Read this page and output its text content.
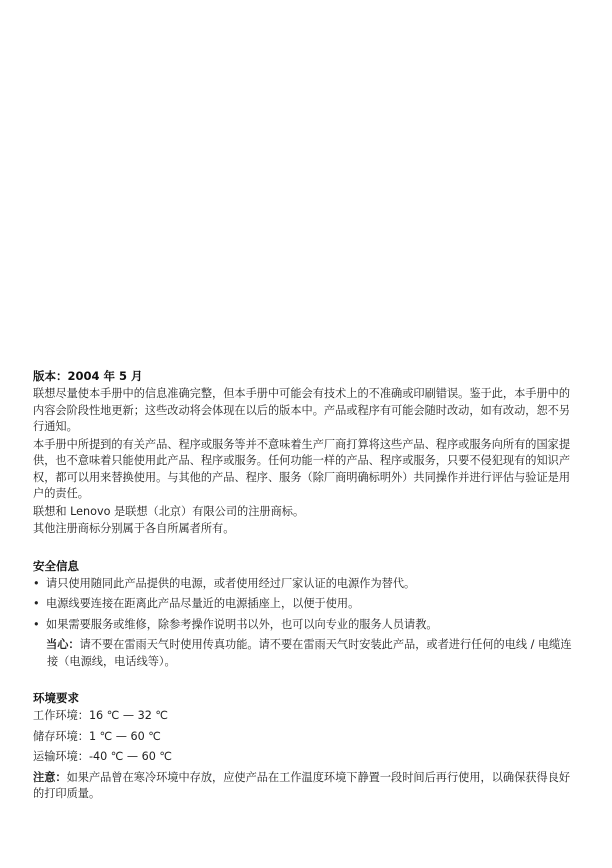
版本：2004 年 5 月

联想尽量使本手册中的信息准确完整，但本手册中可能会有技术上的不准确或印刷错误。鉴于此，本手册中的内容会阶段性地更新；这些改动将会体现在以后的版本中。产品或程序有可能会随时改动，如有改动，恕不另行通知。

本手册中所提到的有关产品、程序或服务等并不意味着生产厂商打算将这些产品、程序或服务向所有的国家提供，也不意味着只能使用此产品、程序或服务。任何功能一样的产品、程序或服务，只要不侵犯现有的知识产权，都可以用来替换使用。与其他的产品、程序、服务（除厂商明确标明外）共同操作并进行评估与验证是用户的责任。

联想和 Lenovo 是联想（北京）有限公司的注册商标。

其他注册商标分别属于各自所属者所有。

安全信息
• 请只使用随同此产品提供的电源，或者使用经过厂家认证的电源作为替代。
• 电源线要连接在距离此产品尽量近的电源插座上，以便于使用。
• 如果需要服务或维修，除参考操作说明书以外，也可以向专业的服务人员请教。
当心：请不要在雷雨天气时使用传真功能。请不要在雷雨天气时安装此产品，或者进行任何的电线 / 电缆连接（电源线，电话线等）。
环境要求
工作环境：16 ℃ — 32 ℃
储存环境：1 ℃ — 60 ℃
运输环境：-40 ℃ — 60 ℃
注意：如果产品曾在寒冷环境中存放，应使产品在工作温度环境下静置一段时间后再行使用，以确保获得良好的打印质量。
